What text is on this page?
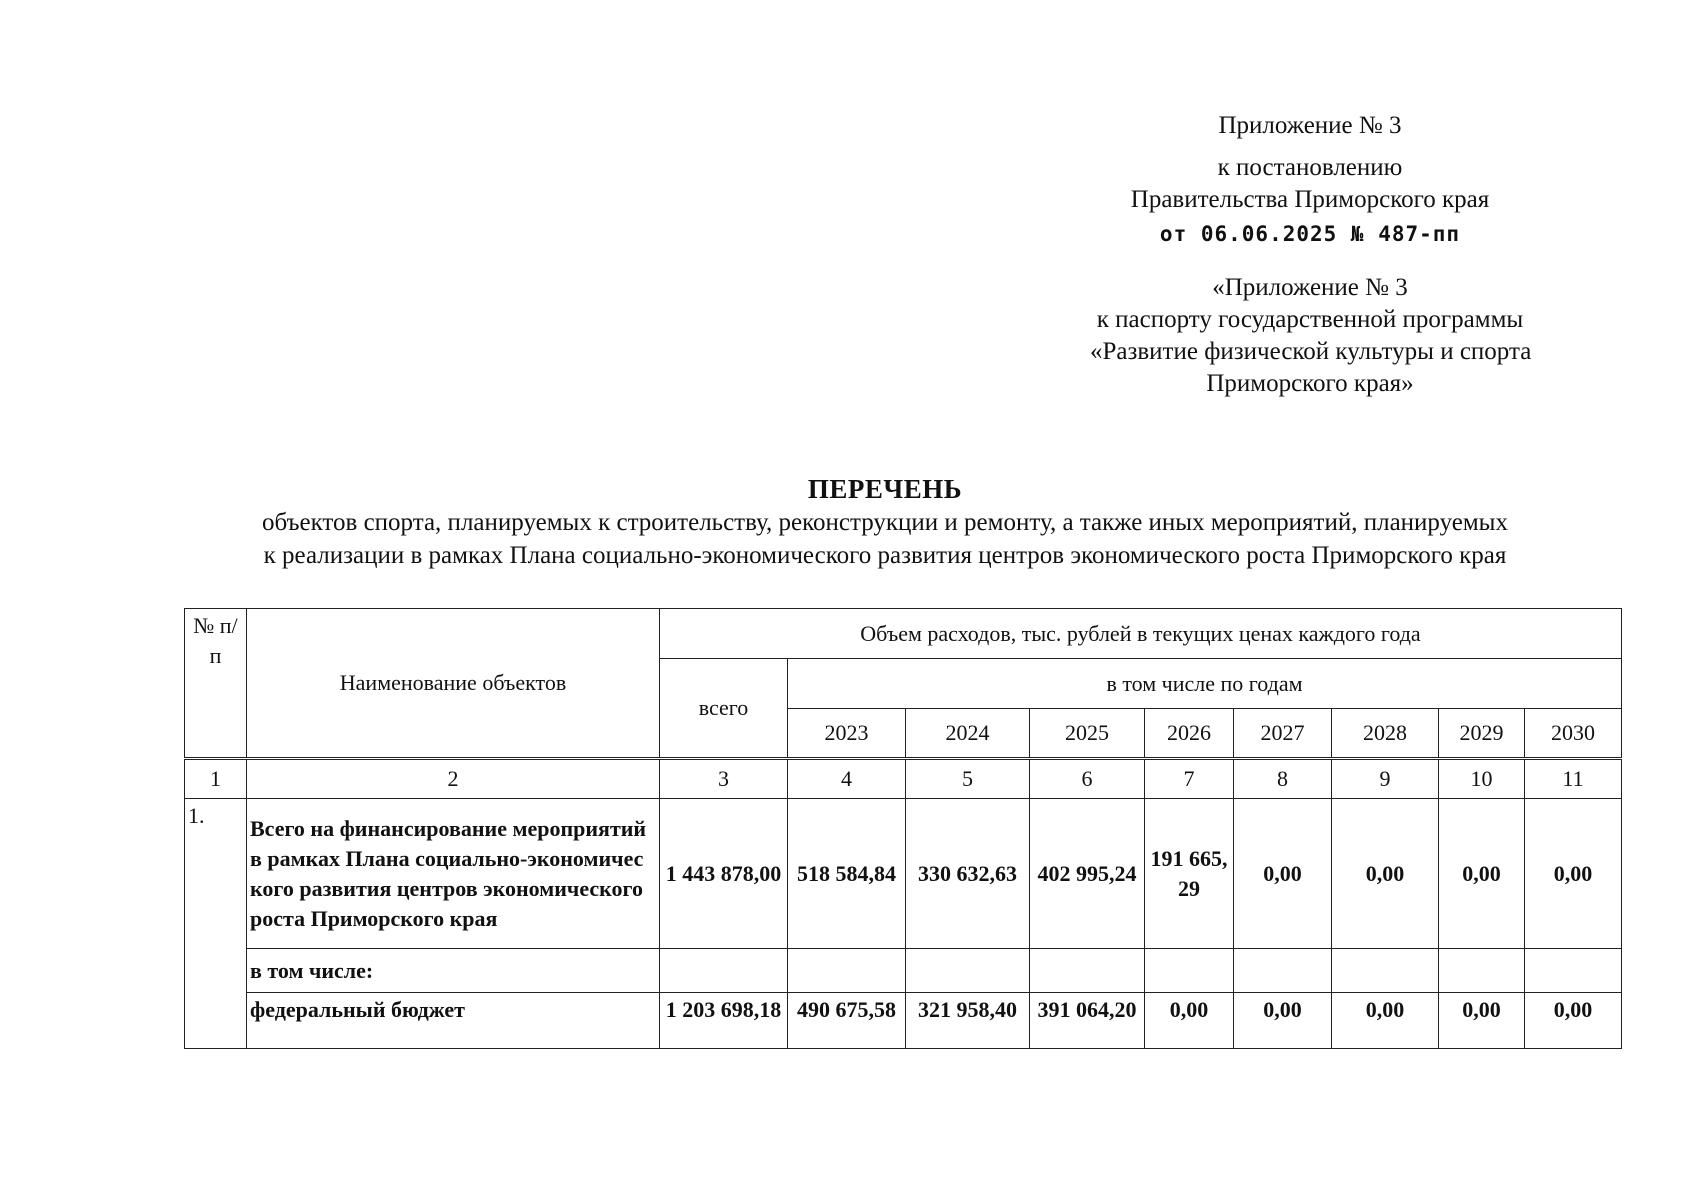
Приложение № 3
к постановлению
Правительства Приморского края
от 06.06.2025 № 487-пп
«Приложение № 3
к паспорту государственной программы
«Развитие физической культуры и спорта
Приморского края»
ПЕРЕЧЕНЬ
объектов спорта, планируемых к строительству, реконструкции и ремонту, а также иных мероприятий, планируемых
к реализации в рамках Плана социально-экономического развития центров экономического роста Приморского края
№ п/п	Наименование объектов	Объем расходов, тыс. рублей в текущих ценах каждого года								
		всего	в том числе по годам							
			2023	2024	2025	2026	2027	2028	2029	2030
1	2	3	4	5	6	7	8	9	10	11
1.	Всего на финансирование мероприятий в рамках Плана социально-экономического развития центров экономического роста Приморского края	1 443 878,00	518 584,84	330 632,63	402 995,24	191 665,29	0,00	0,00	0,00	0,00
	в том числе:									
	федеральный бюджет	1 203 698,18	490 675,58	321 958,40	391 064,20	0,00	0,00	0,00	0,00	0,00
